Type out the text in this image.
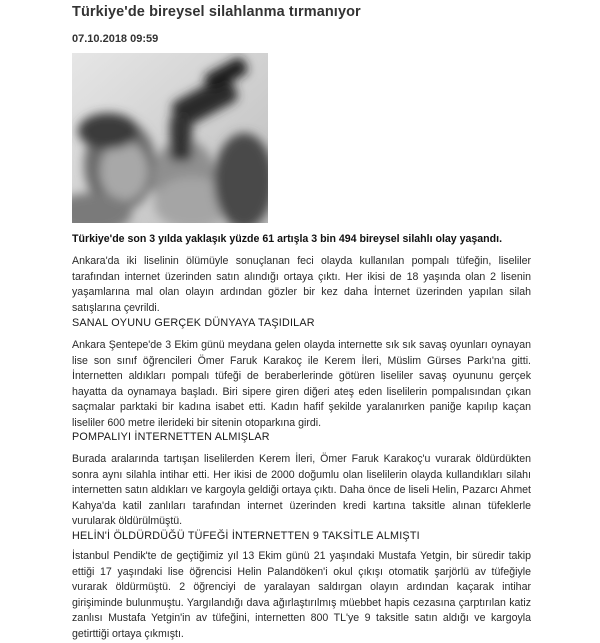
Türkiye'de bireysel silahlanma tırmanıyor
07.10.2018 09:59
Türkiye'de son 3 yılda yaklaşık yüzde 61 artışla 3 bin 494 bireysel silahlı olay yaşandı.

Ankara'da iki liselinin ölümüyle sonuçlanan feci olayda kullanılan pompalı tüfeğin, liseliler tarafından internet üzerinden satın alındığı ortaya çıktı. Her ikisi de 18 yaşında olan 2 lisenin yaşamlarına mal olan olayın ardından gözler bir kez daha İnternet üzerinden yapılan silah satışlarına çevrildi.

SANAL OYUNU GERÇEK DÜNYAYA TAŞIDILAR

Ankara Şentepe'de 3 Ekim günü meydana gelen olayda internette sık sık savaş oyunları oynayan lise son sınıf öğrencileri Ömer Faruk Karakoç ile Kerem İleri, Müslim Gürses Parkı'na gitti. İnternetten aldıkları pompalı tüfeği de beraberlerinde götüren liseliler savaş oyununu gerçek hayatta da oynamaya başladı. Biri sipere giren diğeri ateş eden liselilerin pompalısından çıkan saçmalar parktaki bir kadına isabet etti. Kadın hafif şekilde yaralanırken paniğe kapılıp kaçan liseliler 600 metre ilerideki bir sitenin otoparkına girdi.

POMPALIYI İNTERNETTEN ALMIŞLAR

Burada aralarında tartışan liselilerden Kerem İleri, Ömer Faruk Karakoç'u vurarak öldürdükten sonra aynı silahla intihar etti. Her ikisi de 2000 doğumlu olan liselilerin olayda kullandıkları silahı internetten satın aldıkları ve kargoyla geldiği ortaya çıktı. Daha önce de liseli Helin, Pazarcı Ahmet Kahya'da katil zanlıları tarafından internet üzerinden kredi kartına taksitle alınan tüfeklerle vurularak öldürülmüştü.

HELİN'İ ÖLDÜRDÜĞÜ TÜFEĞİ İNTERNETTEN 9 TAKSİTLE ALMIŞTI

İstanbul Pendik'te de geçtiğimiz yıl 13 Ekim günü 21 yaşındaki Mustafa Yetgin, bir süredir takip ettiği 17 yaşındaki lise öğrencisi Helin Palandöken'i okul çıkışı otomatik şarjörlü av tüfeğiyle vurarak öldürmüştü. 2 öğrenciyi de yaralayan saldırgan olayın ardından kaçarak intihar girişiminde bulunmuştu. Yargılandığı dava ağırlaştırılmış müebbet hapis cezasına çarptırılan katiz zanlısı Mustafa Yetgin'in av tüfeğini, internetten 800 TL'ye 9 taksitle satın aldığı ve kargoyla getirttiği ortaya çıkmıştı.
